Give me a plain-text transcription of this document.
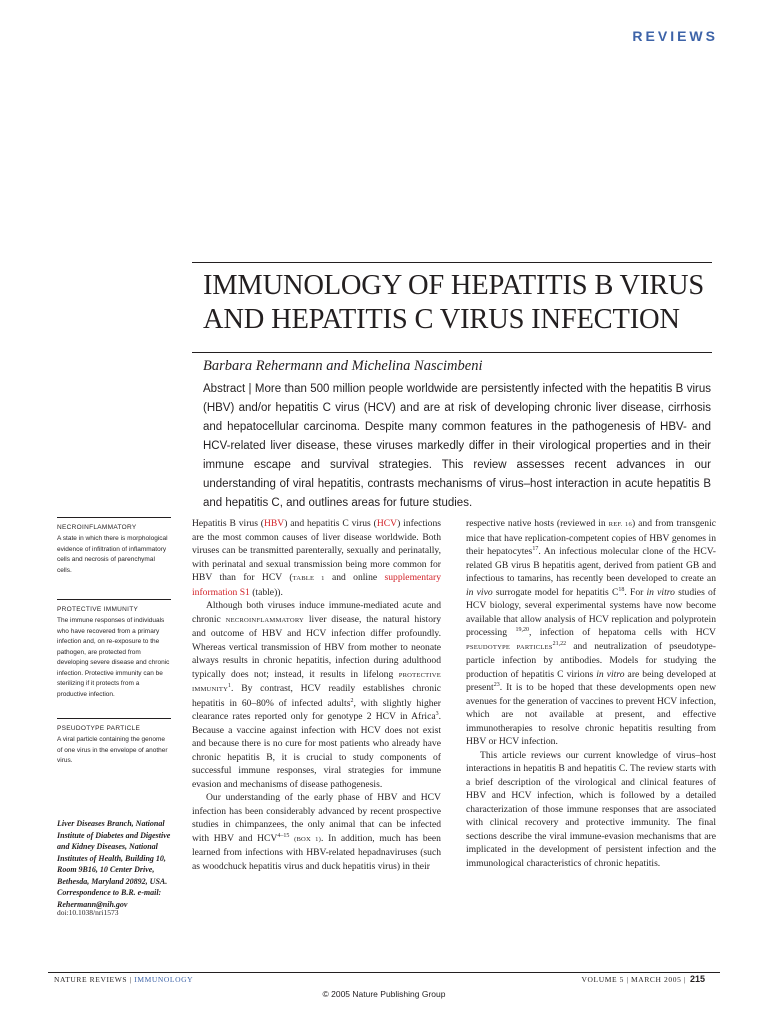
REVIEWS
IMMUNOLOGY OF HEPATITIS B VIRUS
AND HEPATITIS C VIRUS INFECTION
Barbara Rehermann and Michelina Nascimbeni
Abstract | More than 500 million people worldwide are persistently infected with the hepatitis B virus (HBV) and/or hepatitis C virus (HCV) and are at risk of developing chronic liver disease, cirrhosis and hepatocellular carcinoma. Despite many common features in the pathogenesis of HBV- and HCV-related liver disease, these viruses markedly differ in their virological properties and in their immune escape and survival strategies. This review assesses recent advances in our understanding of viral hepatitis, contrasts mechanisms of virus–host interaction in acute hepatitis B and hepatitis C, and outlines areas for future studies.
NECROINFLAMMATORY
A state in which there is morphological evidence of infiltration of inflammatory cells and necrosis of parenchymal cells.
PROTECTIVE IMMUNITY
The immune responses of individuals who have recovered from a primary infection and, on re-exposure to the pathogen, are protected from developing severe disease and chronic infection. Protective immunity can be sterilizing if it protects from a productive infection.
PSEUDOTYPE PARTICLE
A viral particle containing the genome of one virus in the envelope of another virus.
Liver Diseases Branch, National Institute of Diabetes and Digestive and Kidney Diseases, National Institutes of Health, Building 10, Room 9B16, 10 Center Drive, Bethesda, Maryland 20892, USA. Correspondence to B.R. e-mail: Rehermann@nih.gov
doi:10.1038/nri1573

Hepatitis B virus (HBV) and hepatitis C virus (HCV) infections are the most common causes of liver disease worldwide. Both viruses can be transmitted parenterally, sexually and perinatally, with perinatal and sexual transmission being more common for HBV than for HCV (TABLE 1 and online supplementary information S1 (table)).

Although both viruses induce immune-mediated acute and chronic NECROINFLAMMATORY liver disease, the natural history and outcome of HBV and HCV infection differ profoundly. Whereas vertical transmission of HBV from mother to neonate always results in chronic hepatitis, infection during adulthood typically does not; instead, it results in lifelong PROTECTIVE IMMUNITY$^1$. By contrast, HCV readily establishes chronic hepatitis in 60–80% of infected adults$^2$, with slightly higher clearance rates reported only for genotype 2 HCV in Africa$^3$. Because a vaccine against infection with HCV does not exist and because there is no cure for most patients who already have chronic hepatitis B, it is crucial to study components of successful immune responses, viral strategies for immune evasion and mechanisms of disease pathogenesis.

Our understanding of the early phase of HBV and HCV infection has been considerably advanced by recent prospective studies in chimpanzees, the only animal that can be infected with HBV and HCV$^{4-15}$ (BOX 1). In addition, much has been learned from infections with HBV-related hepadnaviruses (such as woodchuck hepatitis virus and duck hepatitis virus) in their

respective native hosts (reviewed in REF. 16) and from transgenic mice that have replication-competent copies of HBV genomes in their hepatocytes$^{17}$. An infectious molecular clone of the HCV-related GB virus B hepatitis agent, derived from patient GB and infectious to tamarins, has recently been developed to create an in vivo surrogate model for hepatitis $C^{18}$. For in vitro studies of HCV biology, several experimental systems have now become available that allow analysis of HCV replication and polyprotein processing $^{19,20}$, infection of hepatoma cells with HCV PSEUDOTYPE PARTICLES$^{21,22}$ and neutralization of pseudotype-particle infection by antibodies. Models for studying the production of hepatitis C virions in vitro are being developed at present$^{23}$. It is to be hoped that these developments open new avenues for the generation of vaccines to prevent HCV infection, which are not available at present, and effective immunotherapies to resolve chronic hepatitis resulting from HBV or HCV infection.

This article reviews our current knowledge of virus–host interactions in hepatitis B and hepatitis C. The review starts with a brief description of the virological and clinical features of HBV and HCV infection, which is followed by a detailed characterization of those immune responses that are associated with clinical recovery and protective immunity. The final sections describe the viral immune-evasion mechanisms that are implicated in the development of persistent infection and the immunological characteristics of chronic hepatitis.

NATURE REVIEWS | IMMUNOLOGY	VOLUME 5 | MARCH 2005 | 215
© 2005 Nature Publishing Group
